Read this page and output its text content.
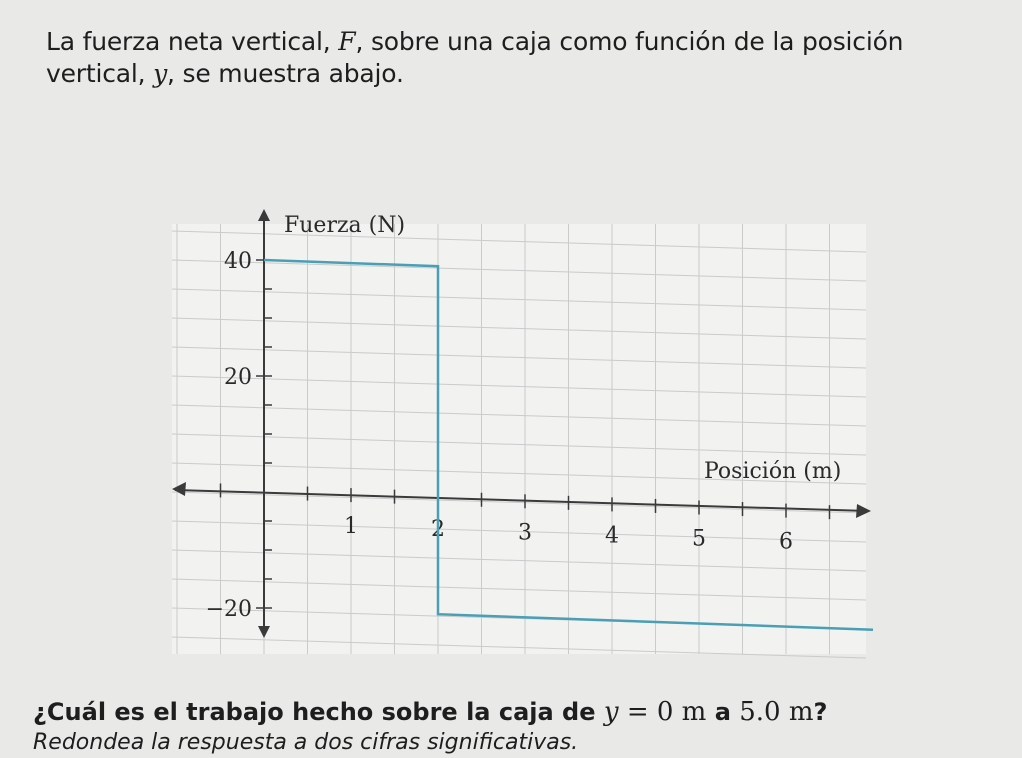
La fuerza neta vertical, F, sobre una caja como función de la posición vertical, y, se muestra abajo.
1	2	3	4	5	6
−20
20
40
Fuerza (N)
Posición (m)
¿Cuál es el trabajo hecho sobre la caja de y = 0 m a 5.0 m?
Redondea la respuesta a dos cifras significativas.
